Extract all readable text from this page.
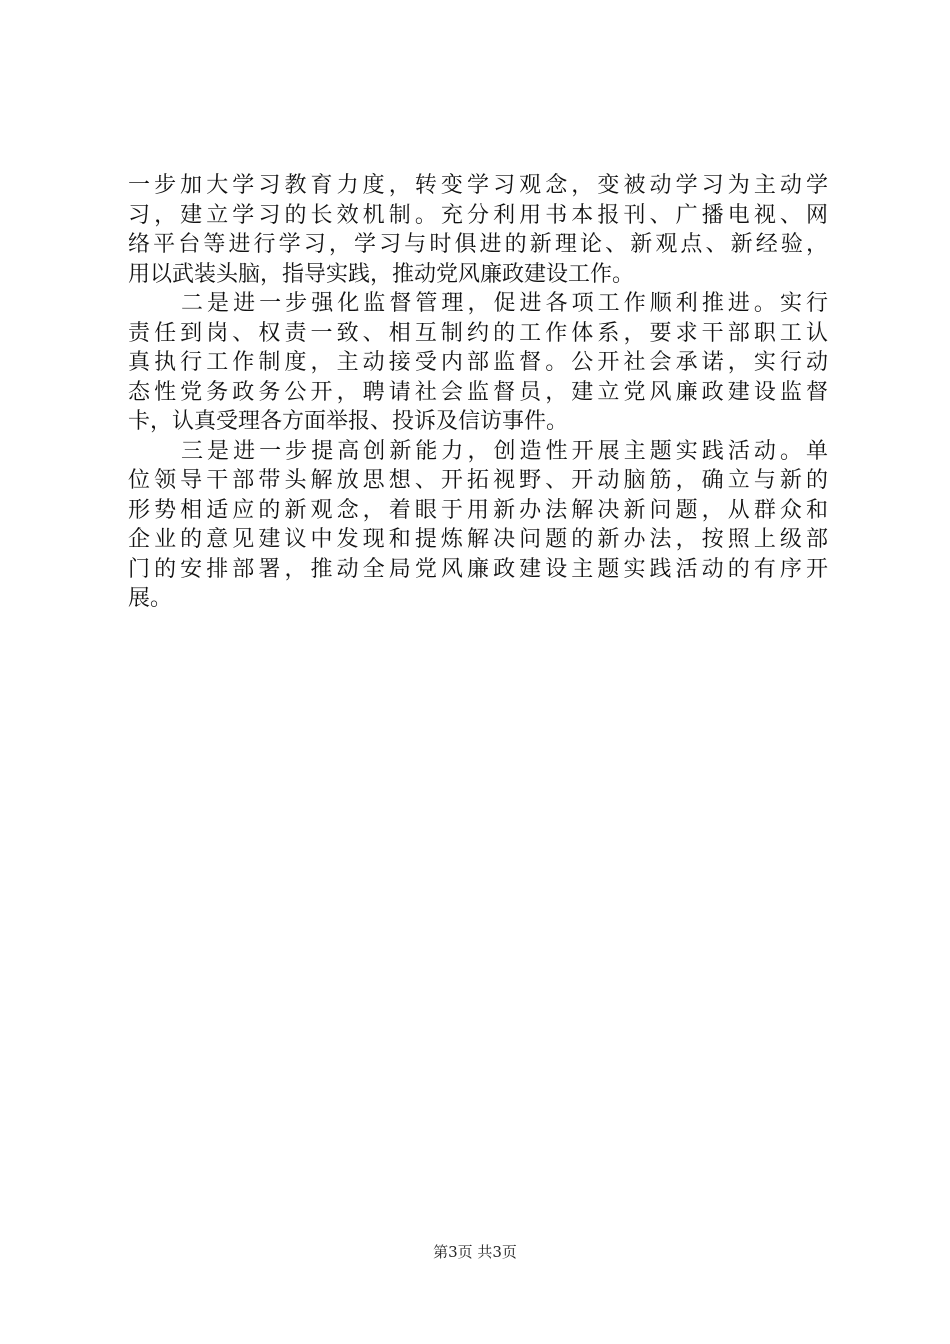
一步加大学习教育力度，转变学习观念，变被动学习为主动学
习，建立学习的长效机制。充分利用书本报刊、广播电视、网
络平台等进行学习，学习与时俱进的新理论、新观点、新经验，
用以武装头脑，指导实践，推动党风廉政建设工作。
二是进一步强化监督管理，促进各项工作顺利推进。实行
责任到岗、权责一致、相互制约的工作体系，要求干部职工认
真执行工作制度，主动接受内部监督。公开社会承诺，实行动
态性党务政务公开，聘请社会监督员，建立党风廉政建设监督
卡，认真受理各方面举报、投诉及信访事件。
三是进一步提高创新能力，创造性开展主题实践活动。单
位领导干部带头解放思想、开拓视野、开动脑筋，确立与新的
形势相适应的新观念，着眼于用新办法解决新问题，从群众和
企业的意见建议中发现和提炼解决问题的新办法，按照上级部
门的安排部署，推动全局党风廉政建设主题实践活动的有序开
展。
第3页 共3页
